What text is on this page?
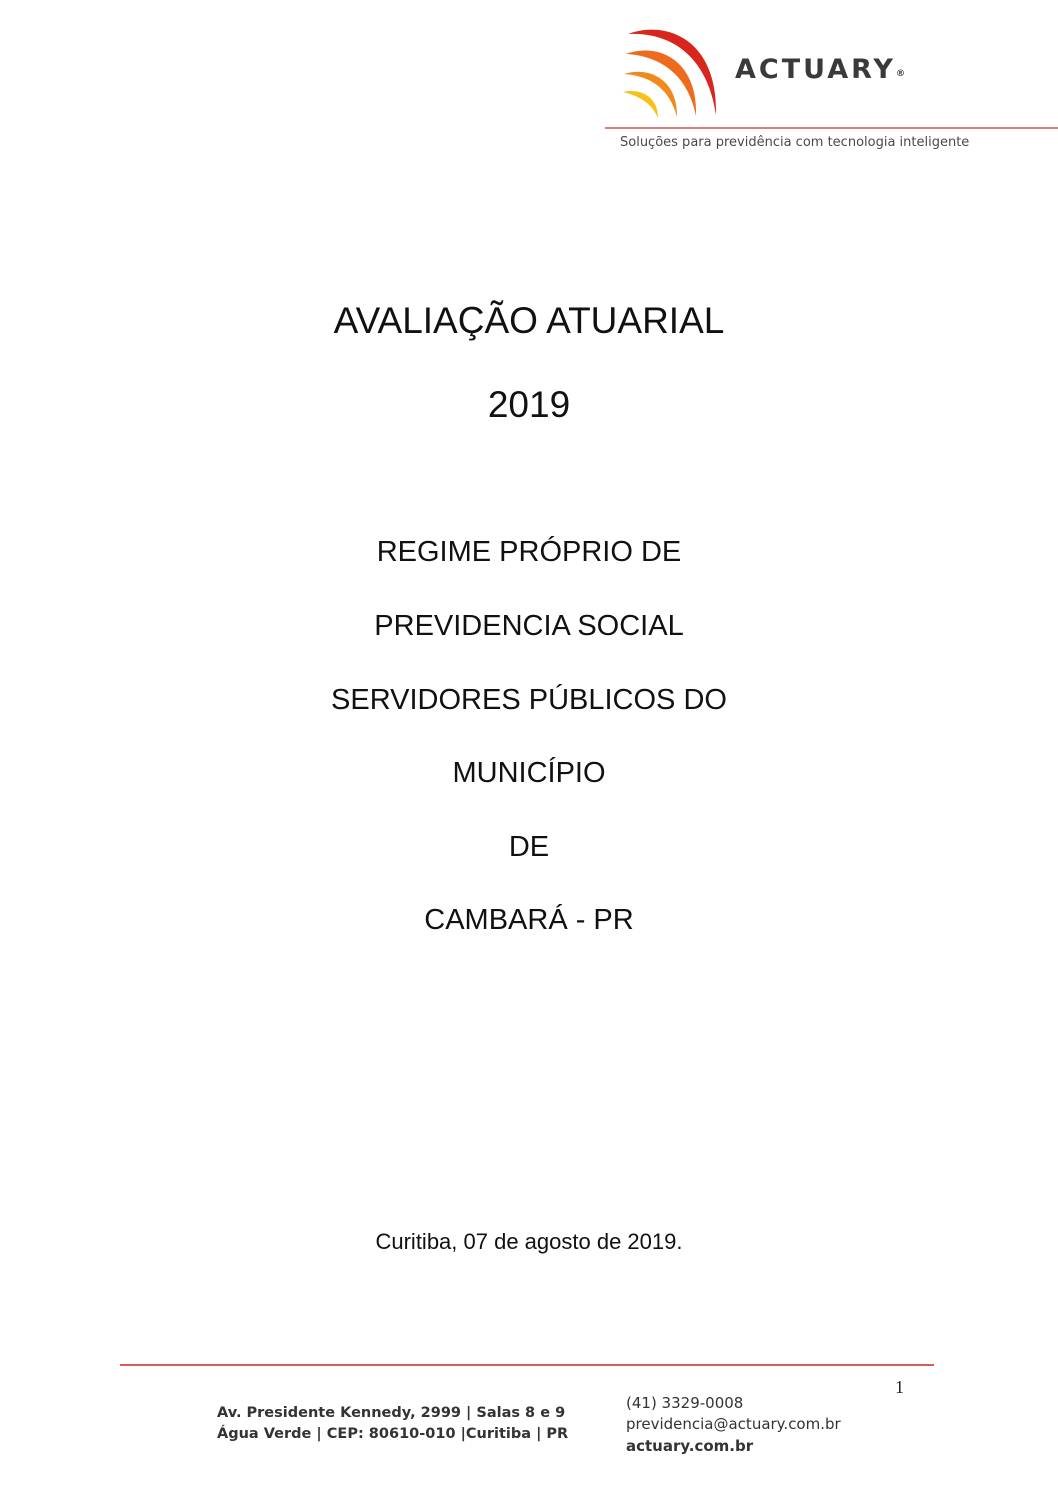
ACTUARY®

Soluções para previdência com tecnologia inteligente

AVALIAÇÃO ATUARIAL

2019

REGIME PRÓPRIO DE

PREVIDENCIA SOCIAL

SERVIDORES PÚBLICOS DO

MUNICÍPIO

DE

CAMBARÁ - PR

Curitiba, 07 de agosto de 2019.

1

Av. Presidente Kennedy, 2999 | Salas 8 e 9

Água Verde | CEP: 80610-010 |Curitiba | PR

(41) 3329-0008

previdencia@actuary.com.br

actuary.com.br
